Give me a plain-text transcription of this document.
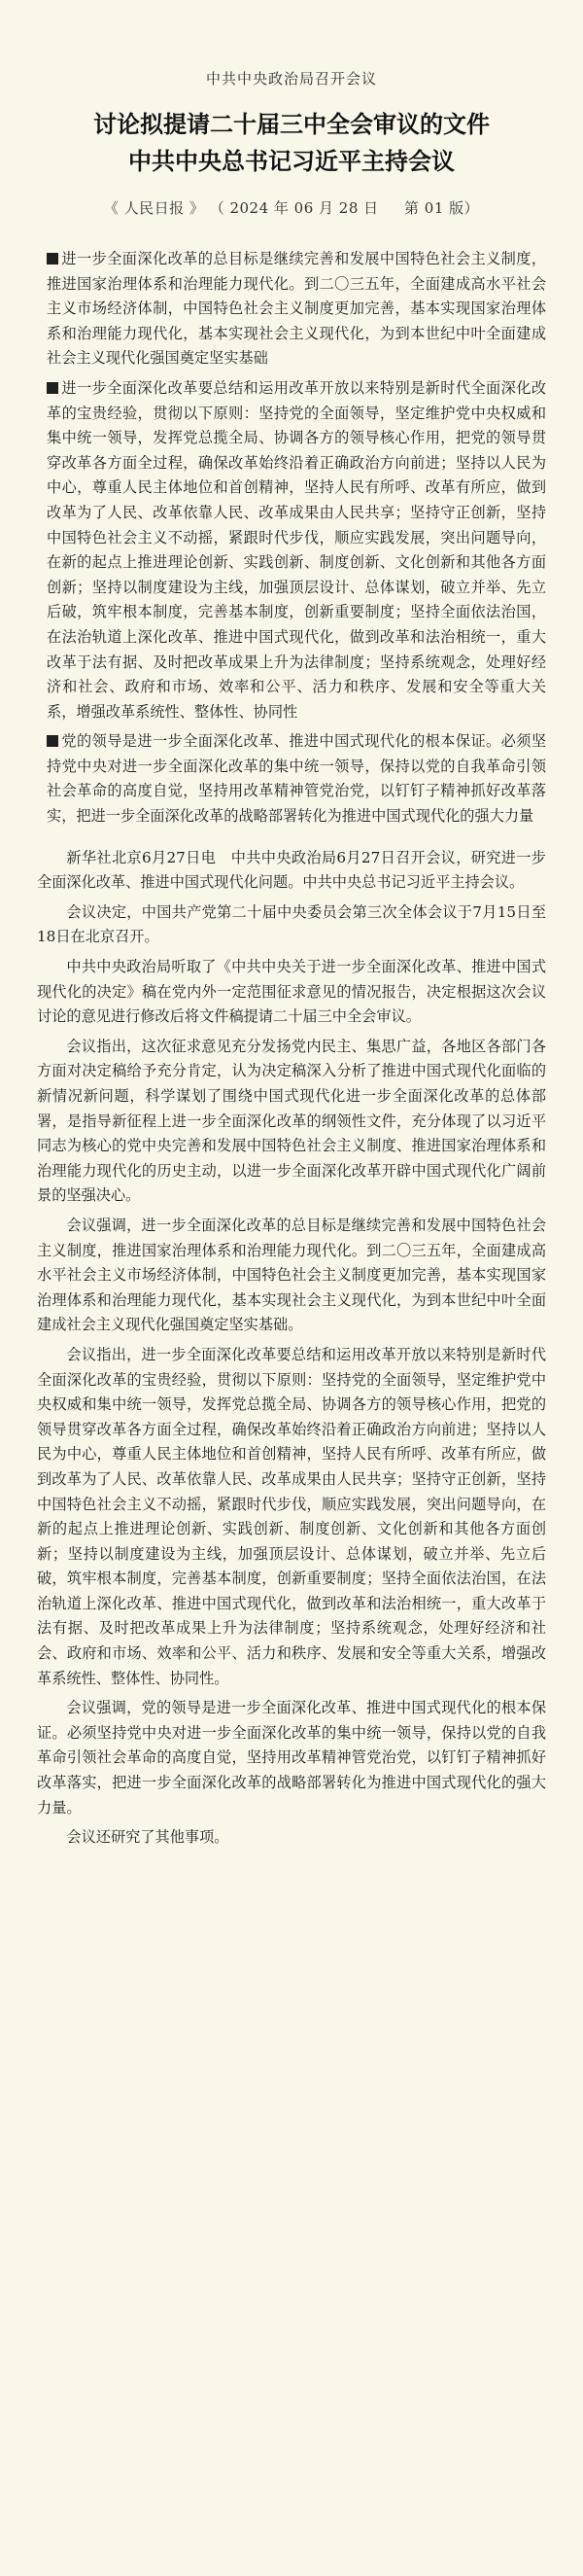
中共中央政治局召开会议
讨论拟提请二十届三中全会审议的文件
中共中央总书记习近平主持会议
《 人民日报 》 （ 2024 年 06 月 28 日 第 01 版）

进一步全面深化改革的总目标是继续完善和发展中国特色社会主义制度，推进国家治理体系和治理能力现代化。到二〇三五年，全面建成高水平社会主义市场经济体制，中国特色社会主义制度更加完善，基本实现国家治理体系和治理能力现代化，基本实现社会主义现代化，为到本世纪中叶全面建成社会主义现代化强国奠定坚实基础

进一步全面深化改革要总结和运用改革开放以来特别是新时代全面深化改革的宝贵经验，贯彻以下原则：坚持党的全面领导，坚定维护党中央权威和集中统一领导，发挥党总揽全局、协调各方的领导核心作用，把党的领导贯穿改革各方面全过程，确保改革始终沿着正确政治方向前进；坚持以人民为中心，尊重人民主体地位和首创精神，坚持人民有所呼、改革有所应，做到改革为了人民、改革依靠人民、改革成果由人民共享；坚持守正创新，坚持中国特色社会主义不动摇，紧跟时代步伐，顺应实践发展，突出问题导向，在新的起点上推进理论创新、实践创新、制度创新、文化创新和其他各方面创新；坚持以制度建设为主线，加强顶层设计、总体谋划，破立并举、先立后破，筑牢根本制度，完善基本制度，创新重要制度；坚持全面依法治国，在法治轨道上深化改革、推进中国式现代化，做到改革和法治相统一，重大改革于法有据、及时把改革成果上升为法律制度；坚持系统观念，处理好经济和社会、政府和市场、效率和公平、活力和秩序、发展和安全等重大关系，增强改革系统性、整体性、协同性

党的领导是进一步全面深化改革、推进中国式现代化的根本保证。必须坚持党中央对进一步全面深化改革的集中统一领导，保持以党的自我革命引领社会革命的高度自觉，坚持用改革精神管党治党，以钉钉子精神抓好改革落实，把进一步全面深化改革的战略部署转化为推进中国式现代化的强大力量

新华社北京6月27日电　中共中央政治局6月27日召开会议，研究进一步全面深化改革、推进中国式现代化问题。中共中央总书记习近平主持会议。

会议决定，中国共产党第二十届中央委员会第三次全体会议于7月15日至18日在北京召开。

中共中央政治局听取了《中共中央关于进一步全面深化改革、推进中国式现代化的决定》稿在党内外一定范围征求意见的情况报告，决定根据这次会议讨论的意见进行修改后将文件稿提请二十届三中全会审议。

会议指出，这次征求意见充分发扬党内民主、集思广益，各地区各部门各方面对决定稿给予充分肯定，认为决定稿深入分析了推进中国式现代化面临的新情况新问题，科学谋划了围绕中国式现代化进一步全面深化改革的总体部署，是指导新征程上进一步全面深化改革的纲领性文件，充分体现了以习近平同志为核心的党中央完善和发展中国特色社会主义制度、推进国家治理体系和治理能力现代化的历史主动，以进一步全面深化改革开辟中国式现代化广阔前景的坚强决心。

会议强调，进一步全面深化改革的总目标是继续完善和发展中国特色社会主义制度，推进国家治理体系和治理能力现代化。到二〇三五年，全面建成高水平社会主义市场经济体制，中国特色社会主义制度更加完善，基本实现国家治理体系和治理能力现代化，基本实现社会主义现代化，为到本世纪中叶全面建成社会主义现代化强国奠定坚实基础。

会议指出，进一步全面深化改革要总结和运用改革开放以来特别是新时代全面深化改革的宝贵经验，贯彻以下原则：坚持党的全面领导，坚定维护党中央权威和集中统一领导，发挥党总揽全局、协调各方的领导核心作用，把党的领导贯穿改革各方面全过程，确保改革始终沿着正确政治方向前进；坚持以人民为中心，尊重人民主体地位和首创精神，坚持人民有所呼、改革有所应，做到改革为了人民、改革依靠人民、改革成果由人民共享；坚持守正创新，坚持中国特色社会主义不动摇，紧跟时代步伐，顺应实践发展，突出问题导向，在新的起点上推进理论创新、实践创新、制度创新、文化创新和其他各方面创新；坚持以制度建设为主线，加强顶层设计、总体谋划，破立并举、先立后破，筑牢根本制度，完善基本制度，创新重要制度；坚持全面依法治国，在法治轨道上深化改革、推进中国式现代化，做到改革和法治相统一，重大改革于法有据、及时把改革成果上升为法律制度；坚持系统观念，处理好经济和社会、政府和市场、效率和公平、活力和秩序、发展和安全等重大关系，增强改革系统性、整体性、协同性。

会议强调，党的领导是进一步全面深化改革、推进中国式现代化的根本保证。必须坚持党中央对进一步全面深化改革的集中统一领导，保持以党的自我革命引领社会革命的高度自觉，坚持用改革精神管党治党，以钉钉子精神抓好改革落实，把进一步全面深化改革的战略部署转化为推进中国式现代化的强大力量。

会议还研究了其他事项。
